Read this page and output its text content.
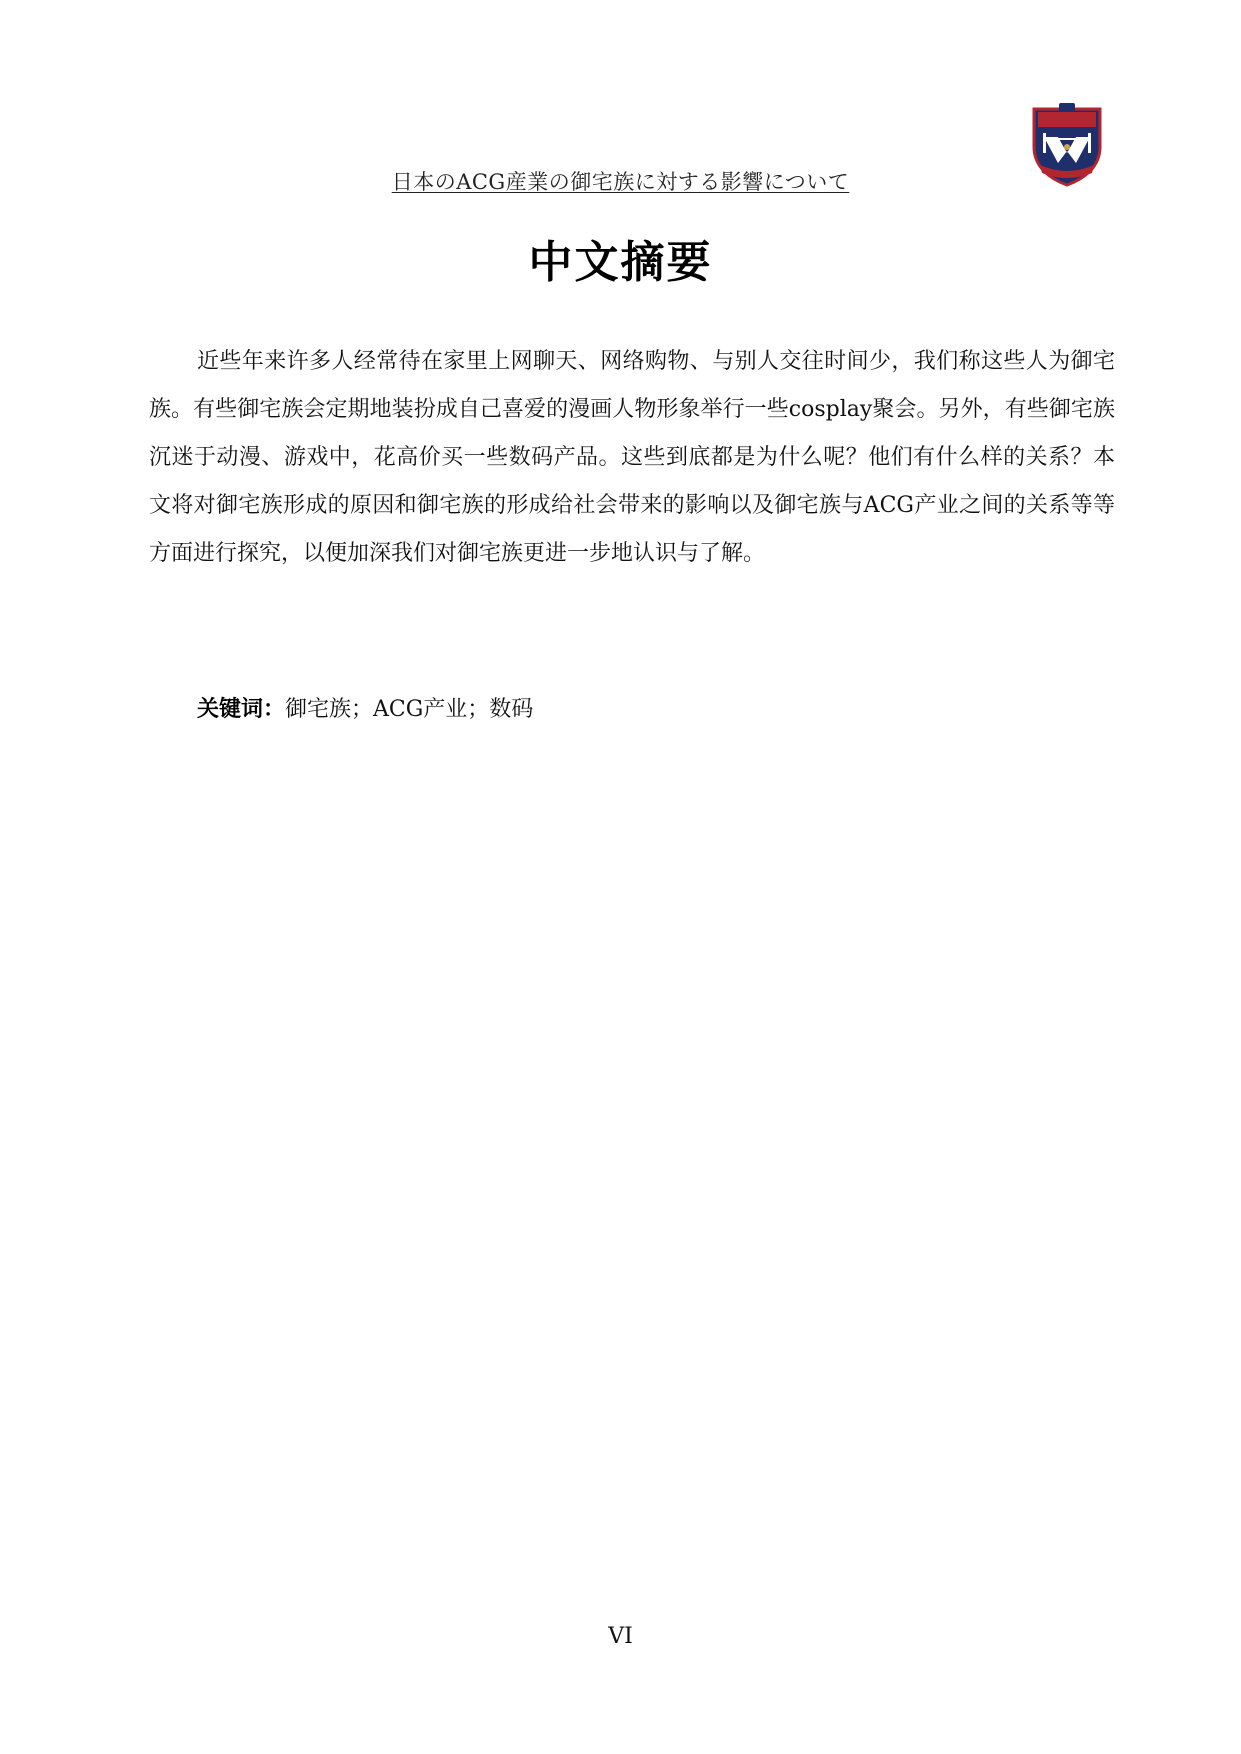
日本のACG産業の御宅族に対する影響について
中文摘要

近些年来许多人经常待在家里上网聊天、网络购物、与别人交往时间少，我们称这些人为御宅族。有些御宅族会定期地装扮成自己喜爱的漫画人物形象举行一些cosplay聚会。另外，有些御宅族沉迷于动漫、游戏中，花高价买一些数码产品。这些到底都是为什么呢？他们有什么样的关系？本文将对御宅族形成的原因和御宅族的形成给社会带来的影响以及御宅族与ACG产业之间的关系等等方面进行探究，以便加深我们对御宅族更进一步地认识与了解。

关键词：御宅族；ACG产业；数码
VI
